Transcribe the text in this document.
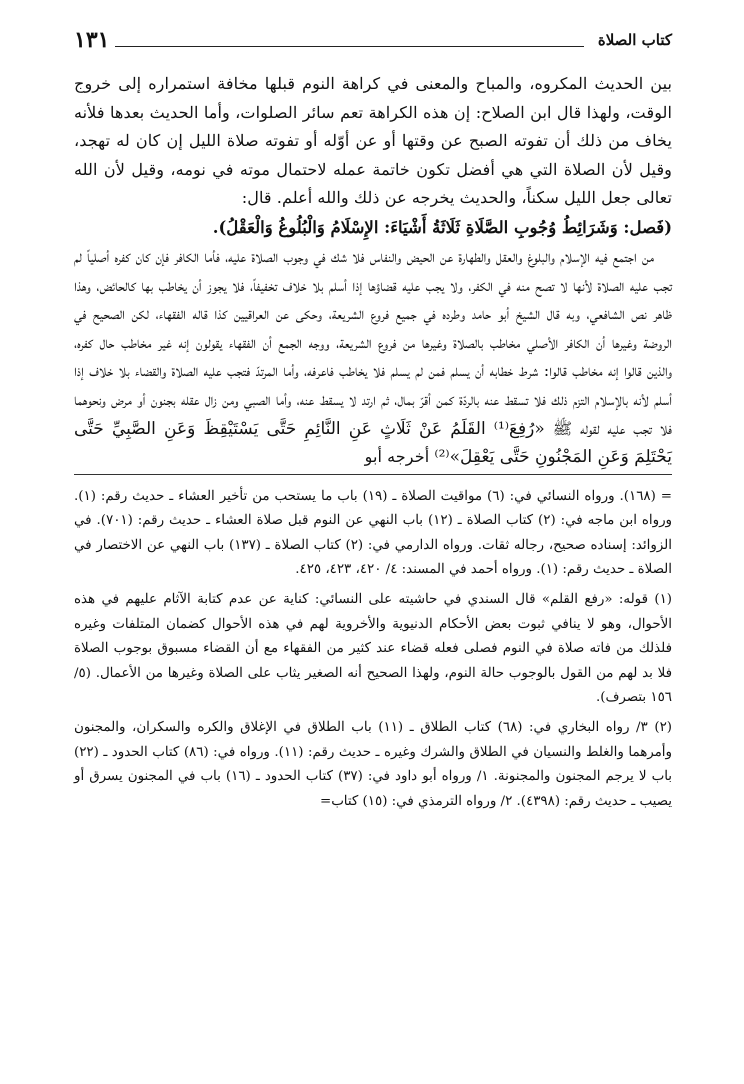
كتاب الصلاة
١٣١

بين الحديث المكروه، والمباح والمعنى في كراهة النوم قبلها مخافة استمراره إلى خروج الوقت، ولهذا قال ابن الصلاح: إن هذه الكراهة تعم سائر الصلوات، وأما الحديث بعدها فلأنه يخاف من ذلك أن تفوته الصبح عن وقتها أو عن أوّله أو تفوته صلاة الليل إن كان له تهجد، وقيل لأن الصلاة التي هي أفضل تكون خاتمة عمله لاحتمال موته في نومه، وقيل لأن الله تعالى جعل الليل سكناً، والحديث يخرجه عن ذلك والله أعلم. قال:

(فَصل: وَشَرَائِطُ وُجُوبِ الصَّلَاةِ ثَلَاثَةُ أَشْيَاءَ: الإِسْلَامُ وَالْبُلُوغُ وَالْعَقْلُ).

من اجتمع فيه الإسلام والبلوغ والعقل والطهارة عن الحيض والنفاس فلا شك في وجوب الصلاة عليه، فأما الكافر فإن كان كفره أصلياً لم تجب عليه الصلاة لأنها لا تصح منه في الكفر، ولا يجب عليه قضاؤها إذا أسلم بلا خلاف تخفيفاً، فلا يجوز أن يخاطب بها كالحائض، وهذا ظاهر نص الشافعي، وبه قال الشيخ أبو حامد وطرده في جميع فروع الشريعة، وحكى عن العراقيين كذا قاله الفقهاء، لكن الصحيح في الروضة وغيرها أن الكافر الأصلي مخاطب بالصلاة وغيرها من فروع الشريعة، ووجه الجمع أن الفقهاء يقولون إنه غير مخاطب حال كفره، والذين قالوا إنه مخاطب قالوا: شرط خطابه أن يسلم فمن لم يسلم فلا يخاطب فاعرفه، وأما المرتدّ فتجب عليه الصلاة والقضاء بلا خلاف إذا أسلم لأنه بالإسلام التزم ذلك فلا تسقط عنه بالردّة كمن أقرّ بمال، ثم ارتد لا يسقط عنه، وأما الصبي ومن زال عقله بجنون أو مرض ونحوهما فلا تجب عليه لقوله ﷺ «رُفِعَ⁽¹⁾ القَلَمُ عَنْ ثَلَاثٍ عَنِ النَّائِمِ حَتَّى يَسْتَيْقِظَ وَعَنِ الصَّبِيِّ حَتَّى يَحْتَلِمَ وَعَنِ المَجْنُونِ حَتَّى يَعْقِلَ»⁽²⁾ أخرجه أبو

= (١٦٨). ورواه النسائي في: (٦) مواقيت الصلاة ـ (١٩) باب ما يستحب من تأخير العشاء ـ حديث رقم: (١). ورواه ابن ماجه في: (٢) كتاب الصلاة ـ (١٢) باب النهي عن النوم قبل صلاة العشاء ـ حديث رقم: (٧٠١). في الزوائد: إسناده صحيح، رجاله ثقات. ورواه الدارمي في: (٢) كتاب الصلاة ـ (١٣٧) باب النهي عن الاختصار في الصلاة ـ حديث رقم: (١). ورواه أحمد في المسند: ٤/ ٤٢٠، ٤٢٣، ٤٢٥.

(١) قوله: «رفع القلم» قال السندي في حاشيته على النسائي: كناية عن عدم كتابة الآثام عليهم في هذه الأحوال، وهو لا ينافي ثبوت بعض الأحكام الدنيوية والأخروية لهم في هذه الأحوال كضمان المتلفات وغيره فلذلك من فاته صلاة في النوم فصلى فعله قضاء عند كثير من الفقهاء مع أن القضاء مسبوق بوجوب الصلاة فلا بد لهم من القول بالوجوب حالة النوم، ولهذا الصحيح أنه الصغير يثاب على الصلاة وغيرها من الأعمال. (٥/ ١٥٦ بتصرف).

(٢) ٣/ رواه البخاري في: (٦٨) كتاب الطلاق ـ (١١) باب الطلاق في الإغلاق والكره والسكران، والمجنون وأمرهما والغلط والنسيان في الطلاق والشرك وغيره ـ حديث رقم: (١١). ورواه في: (٨٦) كتاب الحدود ـ (٢٢) باب لا يرجم المجنون والمجنونة. ١/ ورواه أبو داود في: (٣٧) كتاب الحدود ـ (١٦) باب في المجنون يسرق أو يصيب ـ حديث رقم: (٤٣٩٨). ٢/ ورواه الترمذي في: (١٥) كتاب=
